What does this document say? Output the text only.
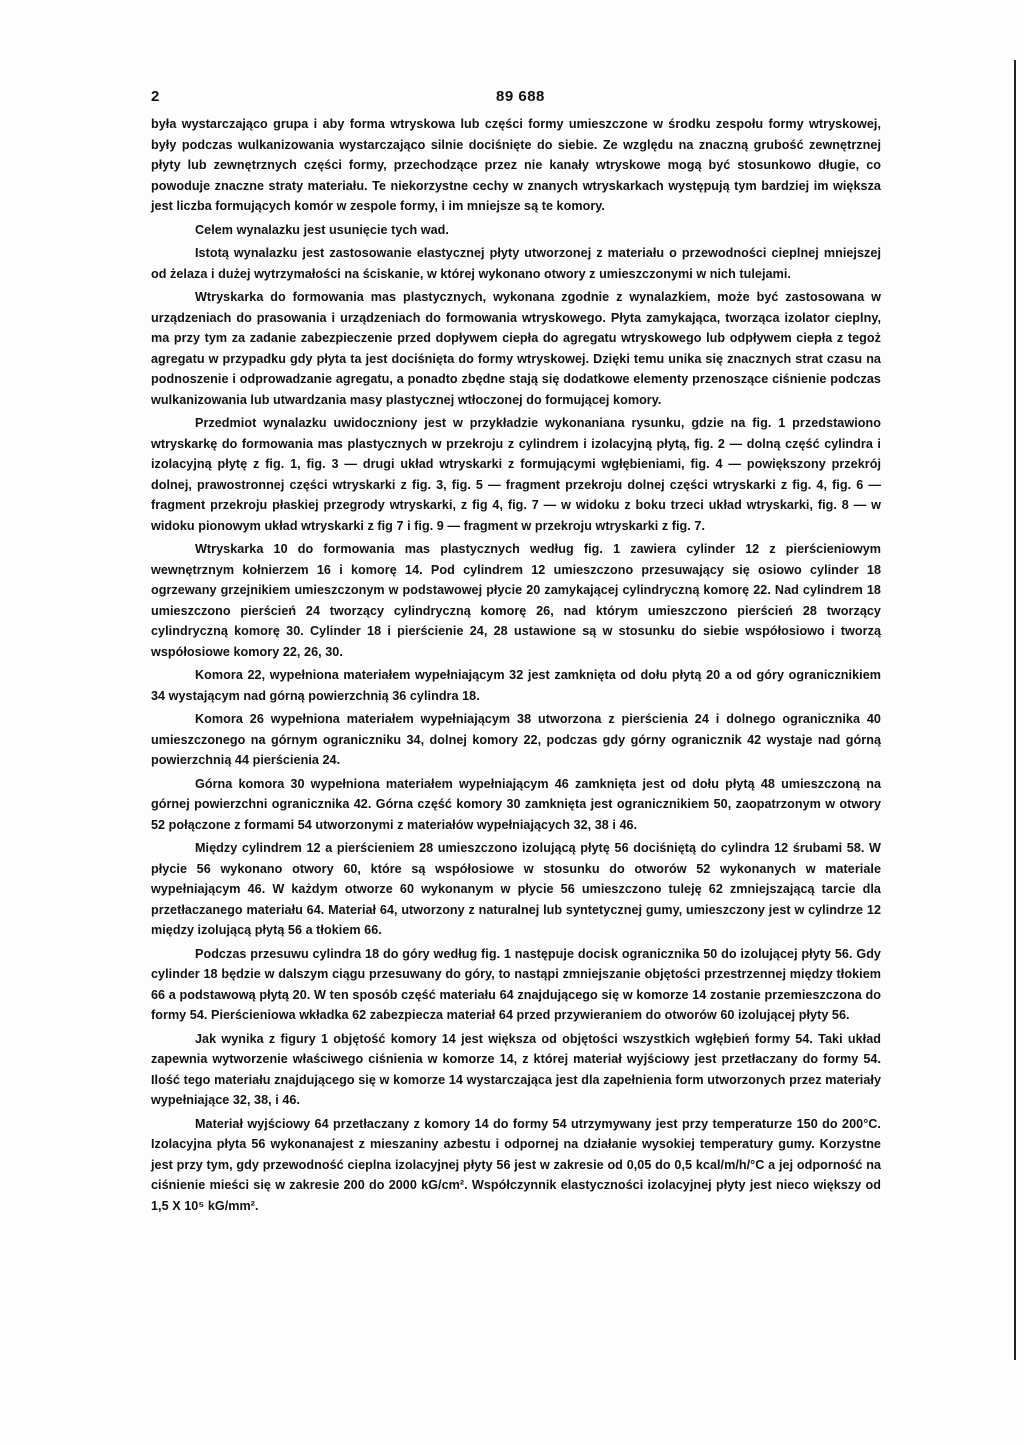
2	89 688

była wystarczająco grupa i aby forma wtryskowa lub części formy umieszczone w środku zespołu formy wtryskowej, były podczas wulkanizowania wystarczająco silnie dociśnięte do siebie. Ze względu na znaczną grubość zewnętrznej płyty lub zewnętrznych części formy, przechodzące przez nie kanały wtryskowe mogą być stosunkowo długie, co powoduje znaczne straty materiału. Te niekorzystne cechy w znanych wtryskarkach występują tym bardziej im większa jest liczba formujących komór w zespole formy, i im mniejsze są te komory.

Celem wynalazku jest usunięcie tych wad.

Istotą wynalazku jest zastosowanie elastycznej płyty utworzonej z materiału o przewodności cieplnej mniejszej od żelaza i dużej wytrzymałości na ściskanie, w której wykonano otwory z umieszczonymi w nich tulejami.

Wtryskarka do formowania mas plastycznych, wykonana zgodnie z wynalazkiem, może być zastosowana w urządzeniach do prasowania i urządzeniach do formowania wtryskowego. Płyta zamykająca, tworząca izolator cieplny, ma przy tym za zadanie zabezpieczenie przed dopływem ciepła do agregatu wtryskowego lub odpływem ciepła z tegoż agregatu w przypadku gdy płyta ta jest dociśnięta do formy wtryskowej. Dzięki temu unika się znacznych strat czasu na podnoszenie i odprowadzanie agregatu, a ponadto zbędne stają się dodatkowe elementy przenoszące ciśnienie podczas wulkanizowania lub utwardzania masy plastycznej wtłoczonej do formującej komory.

Przedmiot wynalazku uwidoczniony jest w przykładzie wykonaniana rysunku, gdzie na fig. 1 przedstawiono wtryskarkę do formowania mas plastycznych w przekroju z cylindrem i izolacyjną płytą, fig. 2 — dolną część cylindra i izolacyjną płytę z fig. 1, fig. 3 — drugi układ wtryskarki z formującymi wgłębieniami, fig. 4 — powiększony przekrój dolnej, prawostronnej części wtryskarki z fig. 3, fig. 5 — fragment przekroju dolnej części wtryskarki z fig. 4, fig. 6 — fragment przekroju płaskiej przegrody wtryskarki, z fig 4, fig. 7 — w widoku z boku trzeci układ wtryskarki, fig. 8 — w widoku pionowym układ wtryskarki z fig 7 i fig. 9 — fragment w przekroju wtryskarki z fig. 7.

Wtryskarka 10 do formowania mas plastycznych według fig. 1 zawiera cylinder 12 z pierścieniowym wewnętrznym kołnierzem 16 i komorę 14. Pod cylindrem 12 umieszczono przesuwający się osiowo cylinder 18 ogrzewany grzejnikiem umieszczonym w podstawowej płycie 20 zamykającej cylindryczną komorę 22. Nad cylindrem 18 umieszczono pierścień 24 tworzący cylindryczną komorę 26, nad którym umieszczono pierścień 28 tworzący cylindryczną komorę 30. Cylinder 18 i pierścienie 24, 28 ustawione są w stosunku do siebie współosiowo i tworzą współosiowe komory 22, 26, 30.

Komora 22, wypełniona materiałem wypełniającym 32 jest zamknięta od dołu płytą 20 a od góry ogranicznikiem 34 wystającym nad górną powierzchnią 36 cylindra 18.

Komora 26 wypełniona materiałem wypełniającym 38 utworzona z pierścienia 24 i dolnego ogranicznika 40 umieszczonego na górnym ograniczniku 34, dolnej komory 22, podczas gdy górny ogranicznik 42 wystaje nad górną powierzchnią 44 pierścienia 24.

Górna komora 30 wypełniona materiałem wypełniającym 46 zamknięta jest od dołu płytą 48 umieszczoną na górnej powierzchni ogranicznika 42. Górna część komory 30 zamknięta jest ogranicznikiem 50, zaopatrzonym w otwory 52 połączone z formami 54 utworzonymi z materiałów wypełniających 32, 38 i 46.

Między cylindrem 12 a pierścieniem 28 umieszczono izolującą płytę 56 dociśniętą do cylindra 12 śrubami 58. W płycie 56 wykonano otwory 60, które są współosiowe w stosunku do otworów 52 wykonanych w materiale wypełniającym 46. W każdym otworze 60 wykonanym w płycie 56 umieszczono tuleję 62 zmniejszającą tarcie dla przetłaczanego materiału 64. Materiał 64, utworzony z naturalnej lub syntetycznej gumy, umieszczony jest w cylindrze 12 między izolującą płytą 56 a tłokiem 66.

Podczas przesuwu cylindra 18 do góry według fig. 1 następuje docisk ogranicznika 50 do izolującej płyty 56. Gdy cylinder 18 będzie w dalszym ciągu przesuwany do góry, to nastąpi zmniejszanie objętości przestrzennej między tłokiem 66 a podstawową płytą 20. W ten sposób część materiału 64 znajdującego się w komorze 14 zostanie przemieszczona do formy 54. Pierścieniowa wkładka 62 zabezpiecza materiał 64 przed przywieraniem do otworów 60 izolującej płyty 56.

Jak wynika z figury 1 objętość komory 14 jest większa od objętości wszystkich wgłębień formy 54. Taki układ zapewnia wytworzenie właściwego ciśnienia w komorze 14, z której materiał wyjściowy jest przetłaczany do formy 54. Ilość tego materiału znajdującego się w komorze 14 wystarczająca jest dla zapełnienia form utworzonych przez materiały wypełniające 32, 38, i 46.

Materiał wyjściowy 64 przetłaczany z komory 14 do formy 54 utrzymywany jest przy temperaturze 150 do 200°C. Izolacyjna płyta 56 wykonanajest z mieszaniny azbestu i odpornej na działanie wysokiej temperatury gumy. Korzystne jest przy tym, gdy przewodność cieplna izolacyjnej płyty 56 jest w zakresie od 0,05 do 0,5 kcal/m/h/°C a jej odporność na ciśnienie mieści się w zakresie 200 do 2000 kG/cm². Współczynnik elastyczności izolacyjnej płyty jest nieco większy od 1,5 X 10⁵ kG/mm².
